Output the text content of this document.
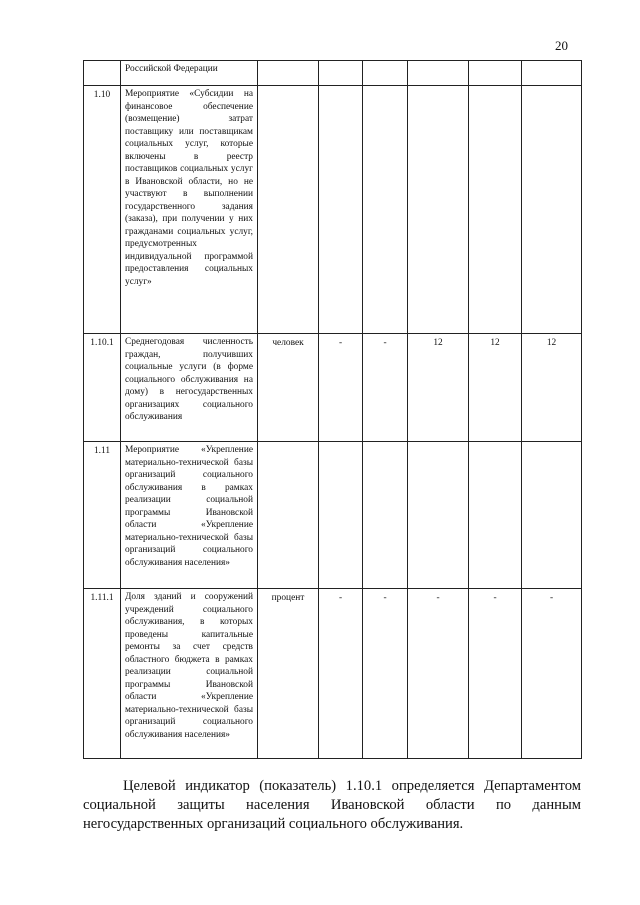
20
	Российской Федерации						
1.10	Мероприятие «Субсидии на финансовое обеспечение (возмещение) затрат поставщику или поставщикам социальных услуг, которые включены в реестр поставщиков социальных услуг в Ивановской области, но не участвуют в выполнении государственного задания (заказа), при получении у них гражданами социальных услуг, предусмотренных индивидуальной программой предоставления социальных услуг»						
1.10.1	Среднегодовая численность граждан, получивших социальные услуги (в форме социального обслуживания на дому) в негосударственных организациях социального обслуживания	человек	-	-	12	12	12
1.11	Мероприятие «Укрепление материально-технической базы организаций социального обслуживания в рамках реализации социальной программы Ивановской области «Укрепление материально-технической базы организаций социального обслуживания населения»						
1.11.1	Доля зданий и сооружений учреждений социального обслуживания, в которых проведены капитальные ремонты за счет средств областного бюджета в рамках реализации социальной программы Ивановской области «Укрепление материально-технической базы организаций социального обслуживания населения»	процент	-	-	-	-	-

Целевой индикатор (показатель) 1.10.1 определяется Департаментом социальной защиты населения Ивановской области по данным негосударственных организаций социального обслуживания.
